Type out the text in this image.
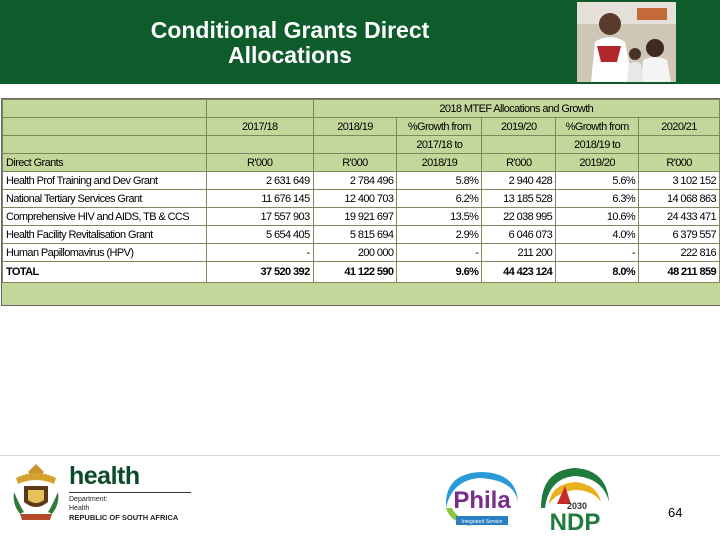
Conditional Grants Direct Allocations
		2018 MTEF Allocations and Growth				
	2017/18	2018/19	%Growth from	2019/20	%Growth from	2020/21
			2017/18 to		2018/19 to	
Direct Grants	R'000	R'000	2018/19	R'000	2019/20	R'000
Health Prof Training and Dev Grant	2 631 649	2 784 496	5.8%	2 940 428	5.6%	3 102 152
National Tertiary Services Grant	11 676 145	12 400 703	6.2%	13 185 528	6.3%	14 068 863
Comprehensive HIV and AIDS, TB & CCS	17 557 903	19 921 697	13.5%	22 038 995	10.6%	24 433 471
Health Facility Revitalisation Grant	5 654 405	5 815 694	2.9%	6 046 073	4.0%	6 379 557
Human Papillomavirus (HPV)	-	200 000	-	211 200	-	222 816
TOTAL	37 520 392	41 122 590	9.6%	44 423 124	8.0%	48 211 859
health
Department:
Health
REPUBLIC OF SOUTH AFRICA
Phila
Integrated Service
2030
NDP	64
